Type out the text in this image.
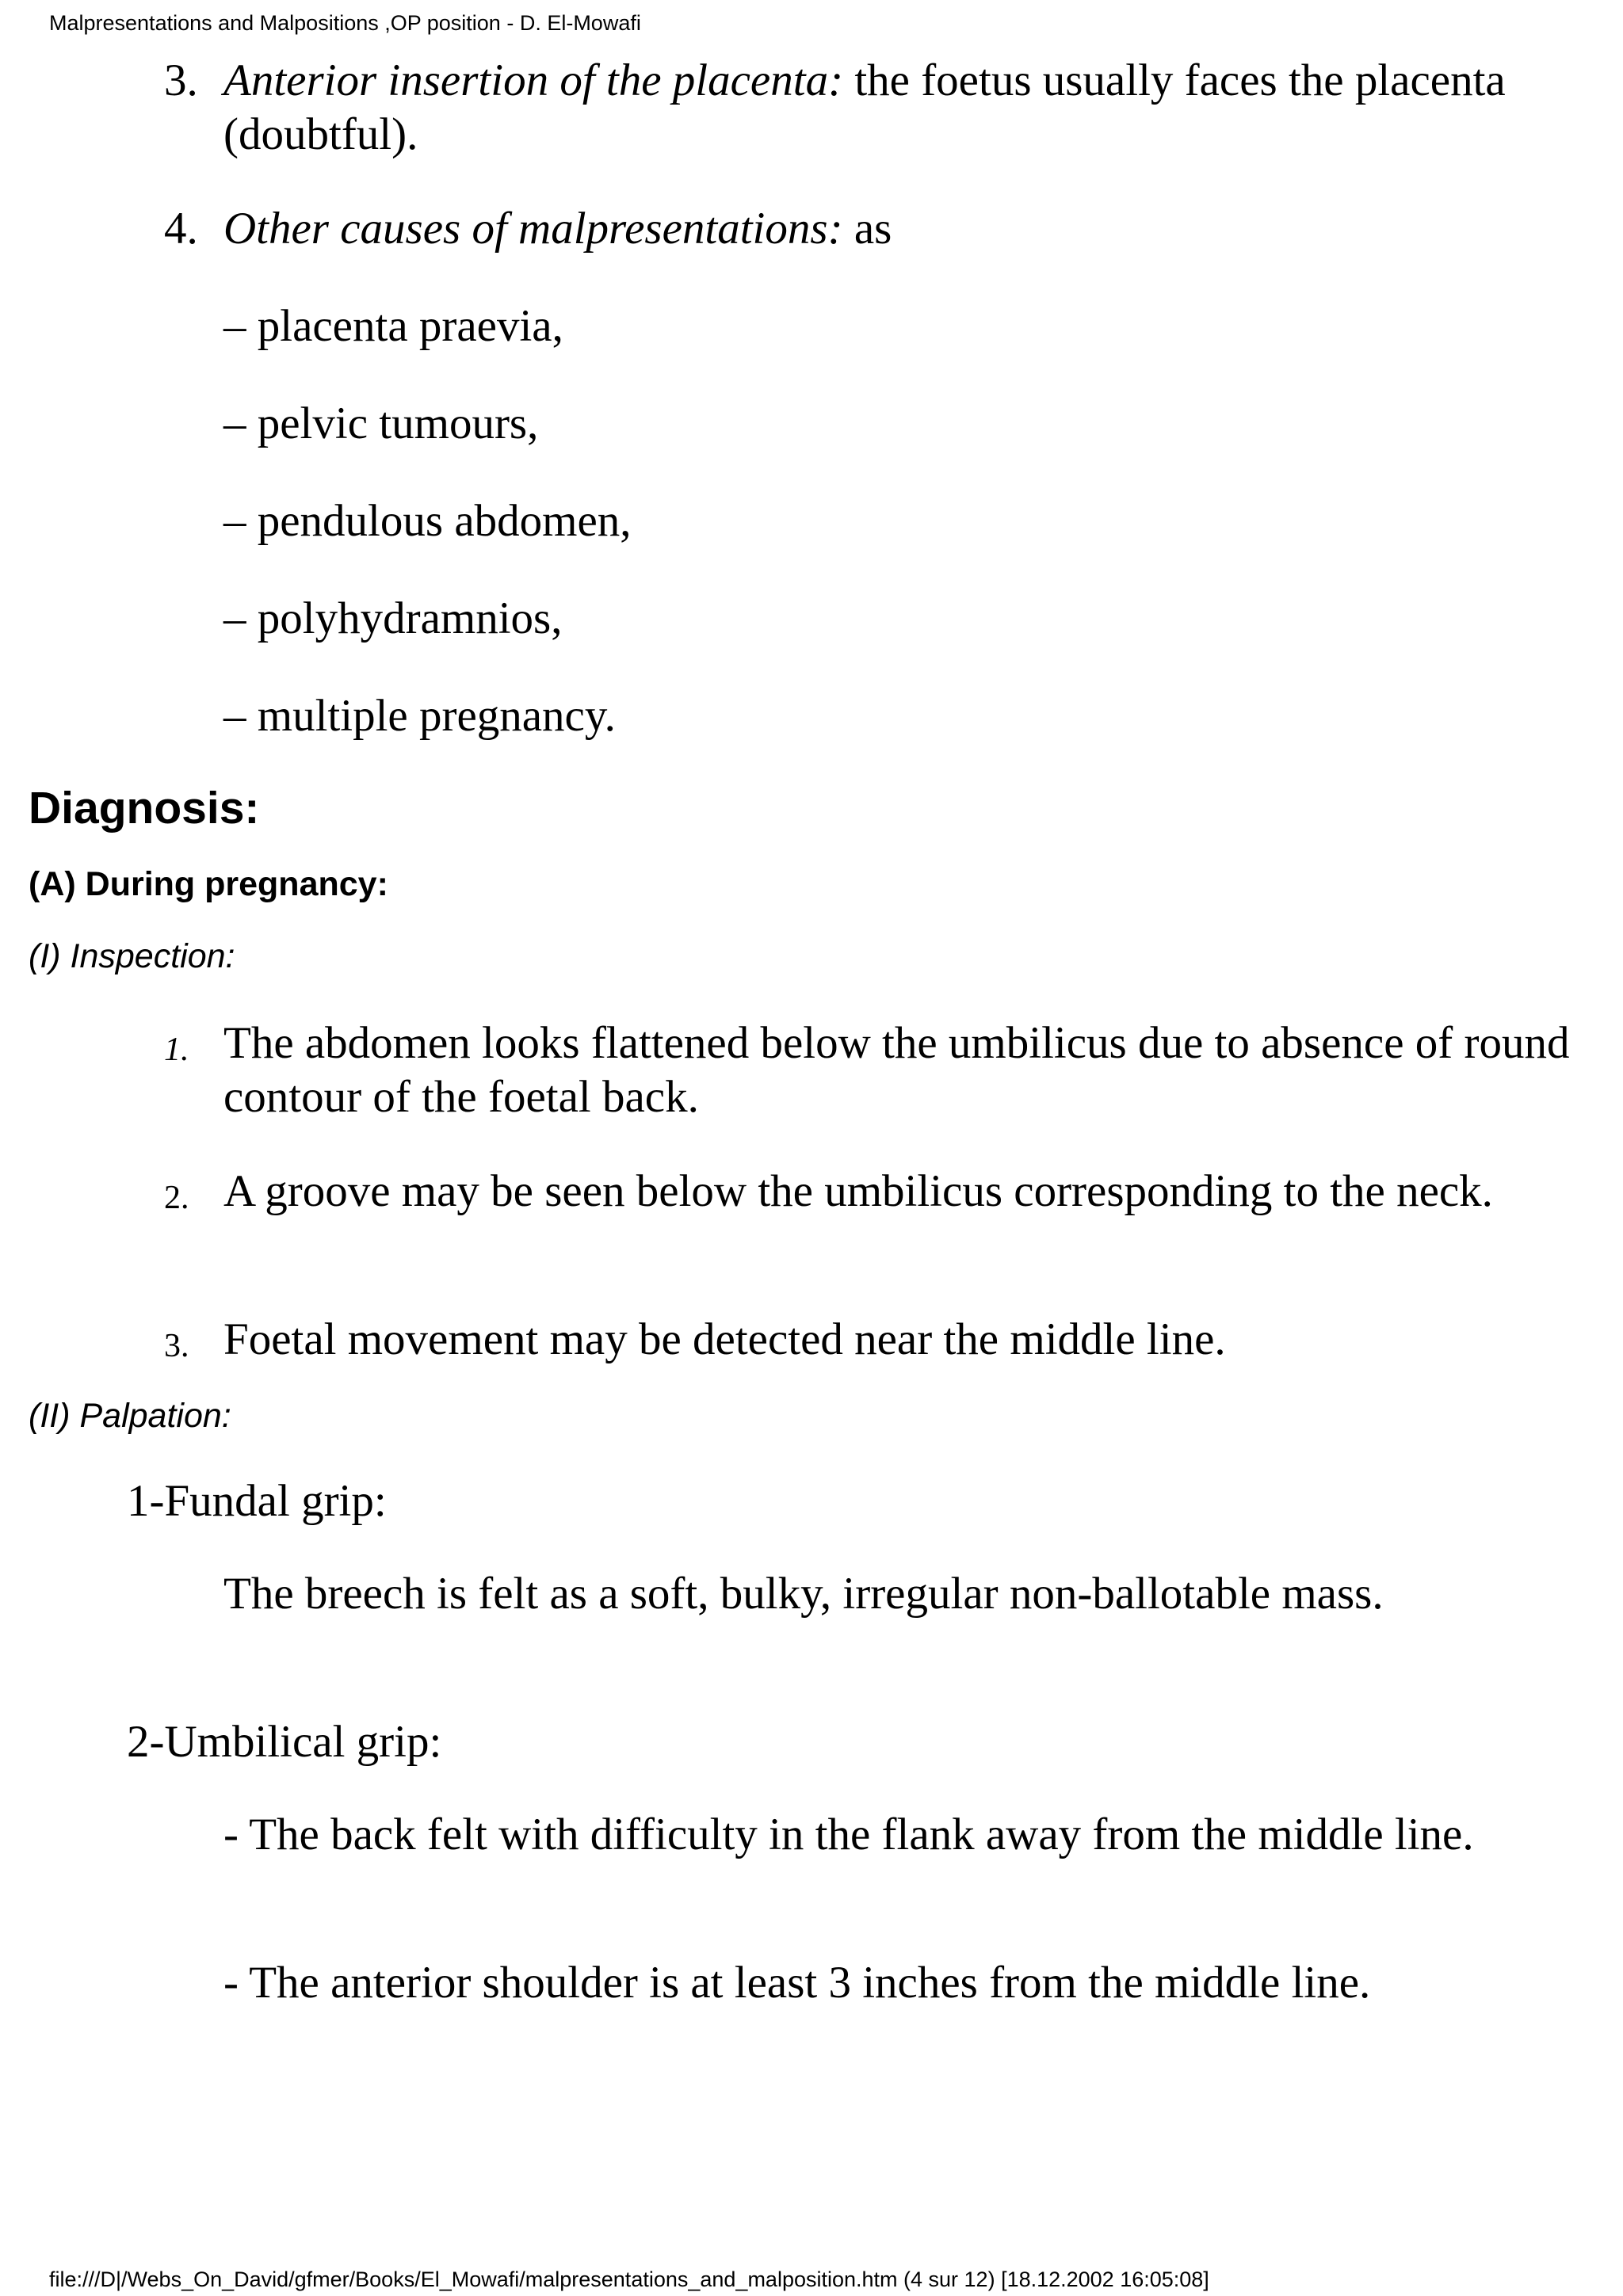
Malpresentations and Malpositions ,OP position - D. El-Mowafi
3. Anterior insertion of the placenta: the foetus usually faces the placenta (doubtful).
4. Other causes of malpresentations: as
– placenta praevia,
– pelvic tumours,
– pendulous abdomen,
– polyhydramnios,
– multiple pregnancy.
Diagnosis:
(A) During pregnancy:
(I) Inspection:
1. The abdomen looks flattened below the umbilicus due to absence of round contour of the foetal back.
2. A groove may be seen below the umbilicus corresponding to the neck.
3. Foetal movement may be detected near the middle line.
(II) Palpation:
1-Fundal grip:
The breech is felt as a soft, bulky, irregular non-ballotable mass.
2-Umbilical grip:
- The back felt with difficulty in the flank away from the middle line.
- The anterior shoulder is at least 3 inches from the middle line.
file:///D|/Webs_On_David/gfmer/Books/El_Mowafi/malpresentations_and_malposition.htm (4 sur 12) [18.12.2002 16:05:08]
